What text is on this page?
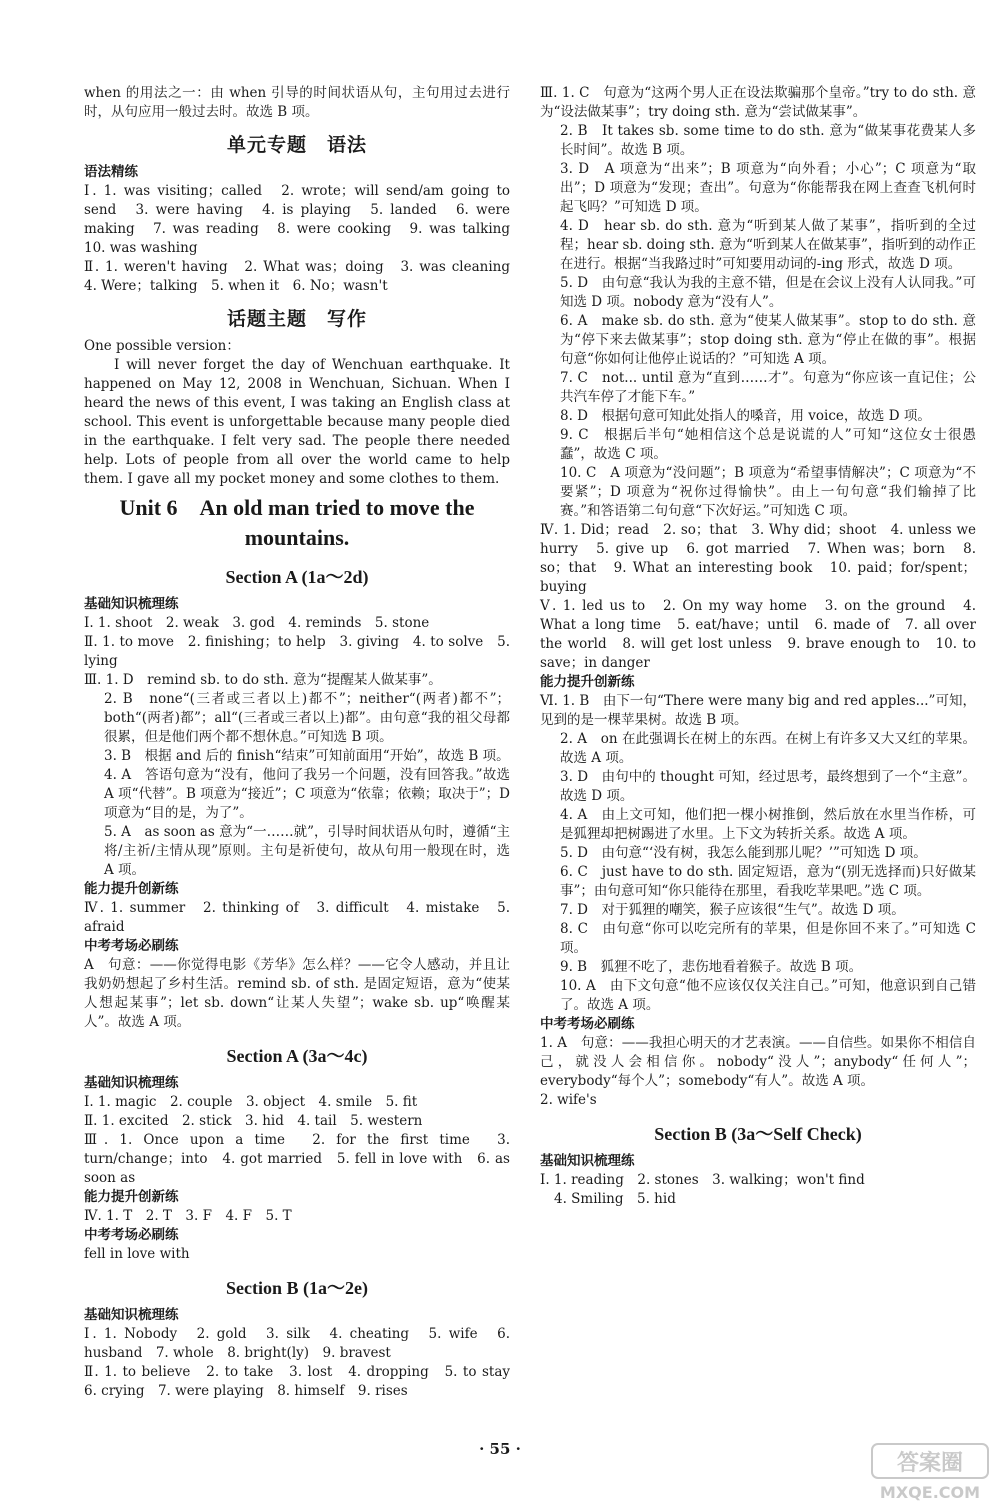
when 的用法之一：由 when 引导的时间状语从句，主句用过去进行时，从句应用一般过去时。故选 B 项。
单元专题　语法
语法精练
Ⅰ. 1. was visiting；called　2. wrote；will send/am going to send　3. were having　4. is playing　5. landed　6. were making　7. was reading　8. were cooking　9. was talking　10. was washing
Ⅱ. 1. weren't having　2. What was；doing　3. was cleaning　4. Were；talking　5. when it　6. No；wasn't
话题主题　写作
One possible version：
I will never forget the day of Wenchuan earthquake. It happened on May 12, 2008 in Wenchuan, Sichuan. When I heard the news of this event, I was taking an English class at school. This event is unforgettable because many people died in the earthquake. I felt very sad. The people there needed help. Lots of people from all over the world came to help them. I gave all my pocket money and some clothes to them.
Unit 6　An old man tried to move the mountains.
Section A (1a～2d)
基础知识梳理练
Ⅰ. 1. shoot　2. weak　3. god　4. reminds　5. stone
Ⅱ. 1. to move　2. finishing；to help　3. giving　4. to solve　5. lying
Ⅲ. 1. D　remind sb. to do sth. 意为“提醒某人做某事”。
2. B　none“(三者或三者以上)都不”；neither“(两者)都不”；both“(两者)都”；all“(三者或三者以上)都”。由句意“我的祖父母都很累，但是他们两个都不想休息。”可知选 B 项。
3. B　根据 and 后的 finish“结束”可知前面用“开始”，故选 B 项。
4. A　答语句意为“没有，他问了我另一个问题，没有回答我。”故选 A 项“代替”。B 项意为“接近”；C 项意为“依靠；依赖；取决于”；D 项意为“目的是，为了”。
5. A　as soon as 意为“一……就”，引导时间状语从句时，遵循“主将/主祈/主情从现”原则。主句是祈使句，故从句用一般现在时，选 A 项。
能力提升创新练
Ⅳ. 1. summer　2. thinking of　3. difficult　4. mistake　5. afraid
中考考场必刷练
A　句意：——你觉得电影《芳华》怎么样？——它令人感动，并且让我奶奶想起了乡村生活。remind sb. of sth. 是固定短语，意为“使某人想起某事”；let sb. down“让某人失望”；wake sb. up“唤醒某人”。故选 A 项。
Section A (3a～4c)
基础知识梳理练
Ⅰ. 1. magic　2. couple　3. object　4. smile　5. fit
Ⅱ. 1. excited　2. stick　3. hid　4. tail　5. western
Ⅲ. 1. Once upon a time　2. for the first time　3. turn/change；into　4. got married　5. fell in love with　6. as soon as
能力提升创新练
Ⅳ. 1. T　2. T　3. F　4. F　5. T
中考考场必刷练
fell in love with
Section B (1a～2e)
基础知识梳理练
Ⅰ. 1. Nobody　2. gold　3. silk　4. cheating　5. wife　6. husband　7. whole　8. bright(ly)　9. bravest
Ⅱ. 1. to believe　2. to take　3. lost　4. dropping　5. to stay　6. crying　7. were playing　8. himself　9. rises
Ⅲ. 1. C　句意为“这两个男人正在设法欺骗那个皇帝。”try to do sth. 意为“设法做某事”；try doing sth. 意为“尝试做某事”。
2. B　It takes sb. some time to do sth. 意为“做某事花费某人多长时间”。故选 B 项。
3. D　A 项意为“出来”；B 项意为“向外看；小心”；C 项意为“取出”；D 项意为“发现；查出”。句意为“你能帮我在网上查查飞机何时起飞吗？”可知选 D 项。
4. D　hear sb. do sth. 意为“听到某人做了某事”，指听到的全过程；hear sb. doing sth. 意为“听到某人在做某事”，指听到的动作正在进行。根据“当我路过时”可知要用动词的-ing 形式，故选 D 项。
5. D　由句意“我认为我的主意不错，但是在会议上没有人认同我。”可知选 D 项。nobody 意为“没有人”。
6. A　make sb. do sth. 意为“使某人做某事”。stop to do sth. 意为“停下来去做某事”；stop doing sth. 意为“停止在做的事”。根据句意“你如何让他停止说话的？”可知选 A 项。
7. C　not... until 意为“直到……才”。句意为“你应该一直记住；公共汽车停了才能下车。”
8. D　根据句意可知此处指人的嗓音，用 voice，故选 D 项。
9. C　根据后半句“她相信这个总是说谎的人”可知“这位女士很愚蠢”，故选 C 项。
10. C　A 项意为“没问题”；B 项意为“希望事情解决”；C 项意为“不要紧”；D 项意为“祝你过得愉快”。由上一句句意“我们输掉了比赛。”和答语第二句句意“下次好运。”可知选 C 项。
Ⅳ. 1. Did；read　2. so；that　3. Why did；shoot　4. unless we hurry　5. give up　6. got married　7. When was；born　8. so；that　9. What an interesting book　10. paid；for/spent；buying
Ⅴ. 1. led us to　2. On my way home　3. on the ground　4. What a long time　5. eat/have；until　6. made of　7. all over the world　8. will get lost unless　9. brave enough to　10. to save；in danger
能力提升创新练
Ⅵ. 1. B　由下一句“There were many big and red apples...”可知，见到的是一棵苹果树。故选 B 项。
2. A　on 在此强调长在树上的东西。在树上有许多又大又红的苹果。故选 A 项。
3. D　由句中的 thought 可知，经过思考，最终想到了一个“主意”。故选 D 项。
4. A　由上文可知，他们把一棵小树推倒，然后放在水里当作桥，可是狐狸却把树踢进了水里。上下文为转折关系。故选 A 项。
5. D　由句意“‘没有树，我怎么能到那儿呢？’”可知选 D 项。
6. C　just have to do sth. 固定短语，意为“(别无选择而)只好做某事”；由句意可知“你只能待在那里，看我吃苹果吧。”选 C 项。
7. D　对于狐狸的嘲笑，猴子应该很“生气”。故选 D 项。
8. C　由句意“你可以吃完所有的苹果，但是你回不来了。”可知选 C 项。
9. B　狐狸不吃了，悲伤地看着猴子。故选 B 项。
10. A　由下文句意“他不应该仅仅关注自己。”可知，他意识到自己错了。故选 A 项。
中考考场必刷练
1. A　句意：——我担心明天的才艺表演。——自信些。如果你不相信自己，就没人会相信你。nobody“没人”；anybody“任何人”；everybody“每个人”；somebody“有人”。故选 A 项。
2. wife's
Section B (3a～Self Check)
基础知识梳理练
Ⅰ. 1. reading　2. stones　3. walking；won't find
4. Smiling　5. hid
· 55 ·
答案圈
MXQE.COM
